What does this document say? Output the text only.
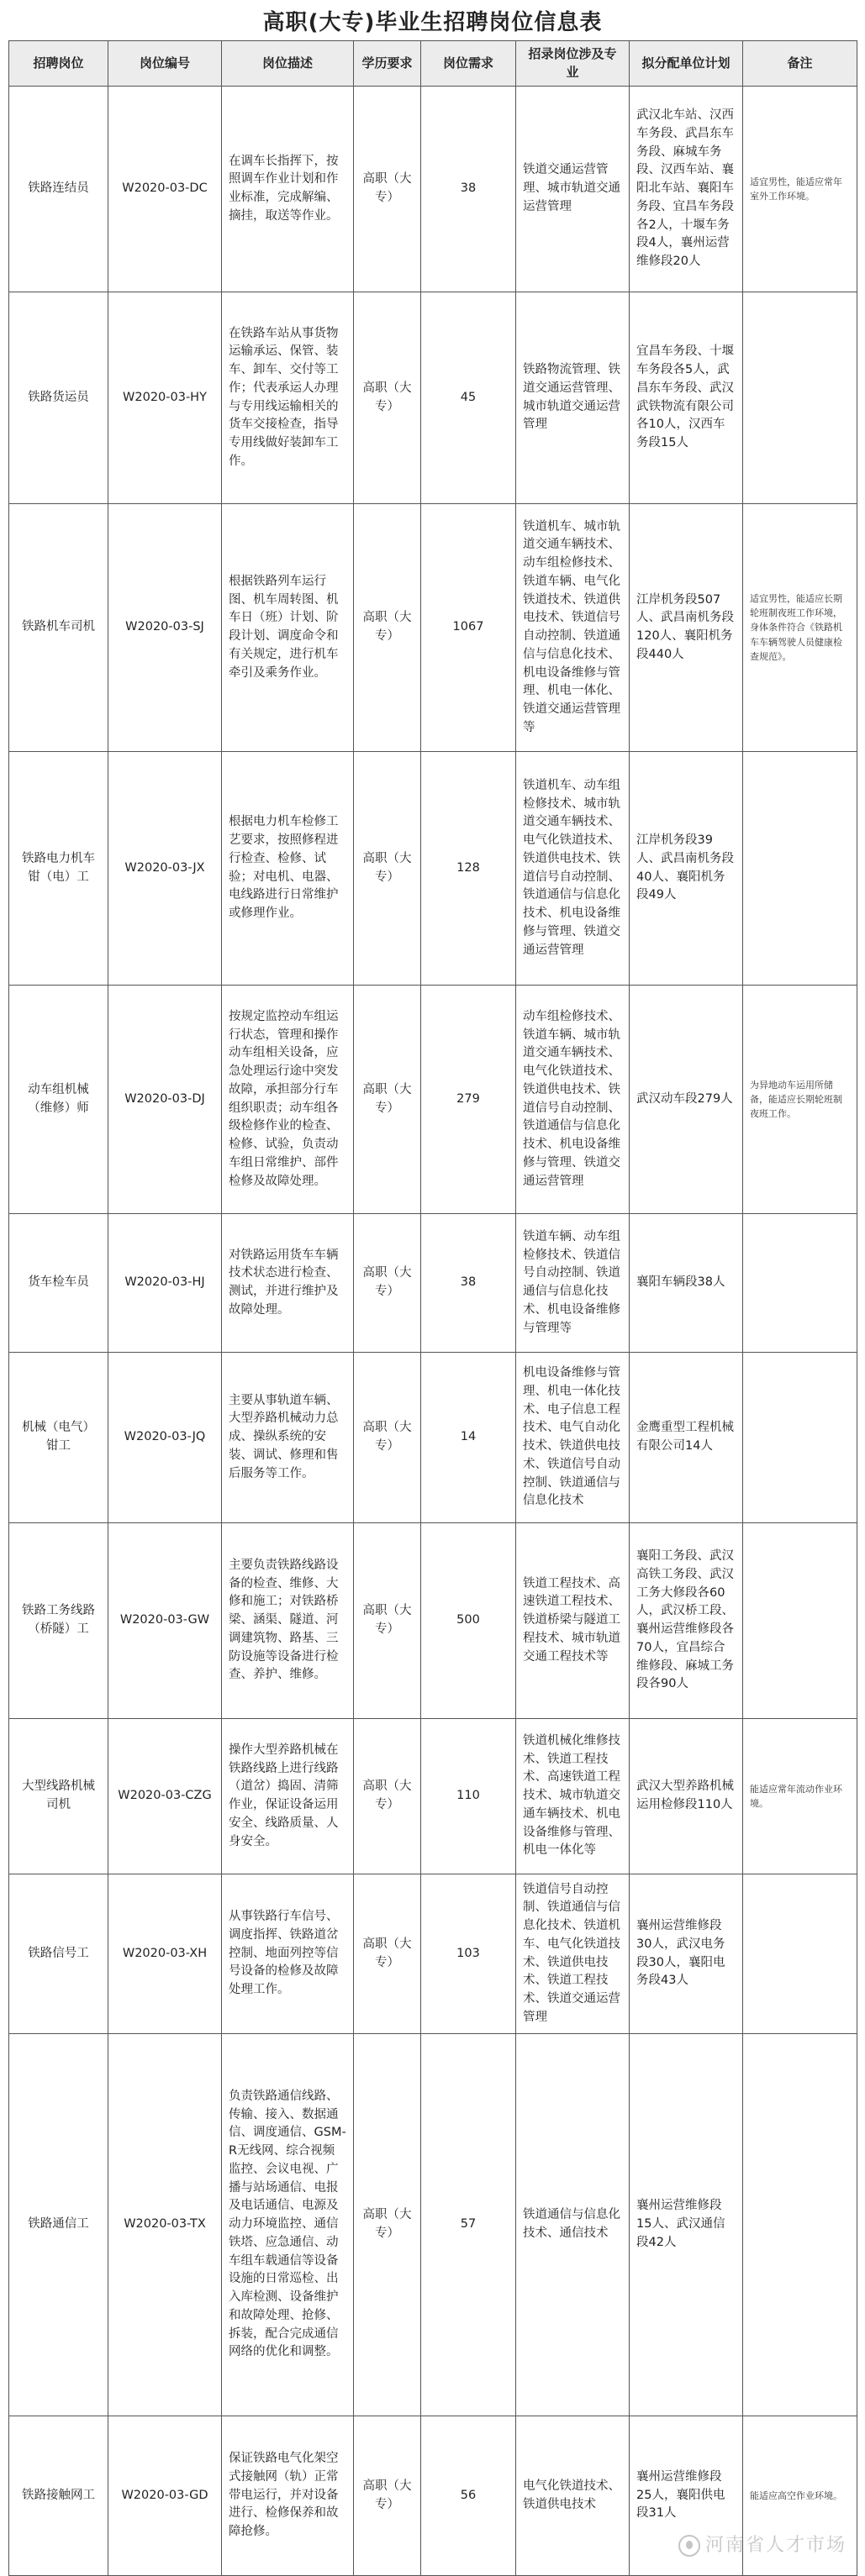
高职(大专)毕业生招聘岗位信息表
招聘岗位	岗位编号	岗位描述	学历要求	岗位需求	招录岗位涉及专业	拟分配单位计划	备注
铁路连结员	W2020-03-DC	在调车长指挥下，按照调车作业计划和作业标准，完成解编、摘挂，取送等作业。	高职（大专）	38	铁道交通运营管理、城市轨道交通运营管理	武汉北车站、汉西车务段、武昌东车务段、麻城车务段、汉西车站、襄阳北车站、襄阳车务段、宜昌车务段各2人，十堰车务段4人，襄州运营维修段20人	适宜男性，能适应常年室外工作环境。
铁路货运员	W2020-03-HY	在铁路车站从事货物运输承运、保管、装车、卸车、交付等工作；代表承运人办理与专用线运输相关的货车交接检查，指导专用线做好装卸车工作。	高职（大专）	45	铁路物流管理、铁道交通运营管理、城市轨道交通运营管理	宜昌车务段、十堰车务段各5人，武昌东车务段、武汉武铁物流有限公司各10人，汉西车务段15人	
铁路机车司机	W2020-03-SJ	根据铁路列车运行图、机车周转图、机车日（班）计划、阶段计划、调度命令和有关规定，进行机车牵引及乘务作业。	高职（大专）	1067	铁道机车、城市轨道交通车辆技术、动车组检修技术、铁道车辆、电气化铁道技术、铁道供电技术、铁道信号自动控制、铁道通信与信息化技术、机电设备维修与管理、机电一体化、铁道交通运营管理等	江岸机务段507人、武昌南机务段120人、襄阳机务段440人	适宜男性，能适应长期轮班制夜班工作环境，身体条件符合《铁路机车车辆驾驶人员健康检查规范》。
铁路电力机车钳（电）工	W2020-03-JX	根据电力机车检修工艺要求，按照修程进行检查、检修、试验；对电机、电器、电线路进行日常维护或修理作业。	高职（大专）	128	铁道机车、动车组检修技术、城市轨道交通车辆技术、电气化铁道技术、铁道供电技术、铁道信号自动控制、铁道通信与信息化技术、机电设备维修与管理、铁道交通运营管理	江岸机务段39人、武昌南机务段40人、襄阳机务段49人	
动车组机械（维修）师	W2020-03-DJ	按规定监控动车组运行状态，管理和操作动车组相关设备，应急处理运行途中突发故障，承担部分行车组织职责；动车组各级检修作业的检查、检修、试验，负责动车组日常维护、部件检修及故障处理。	高职（大专）	279	动车组检修技术、铁道车辆、城市轨道交通车辆技术、电气化铁道技术、铁道供电技术、铁道信号自动控制、铁道通信与信息化技术、机电设备维修与管理、铁道交通运营管理	武汉动车段279人	为异地动车运用所储备，能适应长期轮班制夜班工作。
货车检车员	W2020-03-HJ	对铁路运用货车车辆技术状态进行检查、测试，并进行维护及故障处理。	高职（大专）	38	铁道车辆、动车组检修技术、铁道信号自动控制、铁道通信与信息化技术、机电设备维修与管理等	襄阳车辆段38人	
机械（电气）钳工	W2020-03-JQ	主要从事轨道车辆、大型养路机械动力总成、操纵系统的安装、调试、修理和售后服务等工作。	高职（大专）	14	机电设备维修与管理、机电一体化技术、电子信息工程技术、电气自动化技术、铁道供电技术、铁道信号自动控制、铁道通信与信息化技术	金鹰重型工程机械有限公司14人	
铁路工务线路（桥隧）工	W2020-03-GW	主要负责铁路线路设备的检查、维修、大修和施工；对铁路桥梁、涵渠、隧道、河调建筑物、路基、三防设施等设备进行检查、养护、维修。	高职（大专）	500	铁道工程技术、高速铁道工程技术、铁道桥梁与隧道工程技术、城市轨道交通工程技术等	襄阳工务段、武汉高铁工务段、武汉工务大修段各60人，武汉桥工段、襄州运营维修段各70人，宜昌综合维修段、麻城工务段各90人	
大型线路机械司机	W2020-03-CZG	操作大型养路机械在铁路线路上进行线路（道岔）捣固、清筛作业，保证设备运用安全、线路质量、人身安全。	高职（大专）	110	铁道机械化维修技术、铁道工程技术、高速铁道工程技术、城市轨道交通车辆技术、机电设备维修与管理、机电一体化等	武汉大型养路机械运用检修段110人	能适应常年流动作业环境。
铁路信号工	W2020-03-XH	从事铁路行车信号、调度指挥、铁路道岔控制、地面列控等信号设备的检修及故障处理工作。	高职（大专）	103	铁道信号自动控制、铁道通信与信息化技术、铁道机车、电气化铁道技术、铁道供电技术、铁道工程技术、铁道交通运营管理	襄州运营维修段30人，武汉电务段30人，襄阳电务段43人	
铁路通信工	W2020-03-TX	负责铁路通信线路、传输、接入、数据通信、调度通信、GSM-R无线网、综合视频监控、会议电视、广播与站场通信、电报及电话通信、电源及动力环境监控、通信铁塔、应急通信、动车组车载通信等设备设施的日常巡检、出入库检测、设备维护和故障处理、抢修、拆装，配合完成通信网络的优化和调整。	高职（大专）	57	铁道通信与信息化技术、通信技术	襄州运营维修段15人、武汉通信段42人	
铁路接触网工	W2020-03-GD	保证铁路电气化架空式接触网（轨）正常带电运行，并对设备进行、检修保养和故障抢修。	高职（大专）	56	电气化铁道技术、铁道供电技术	襄州运营维修段25人，襄阳供电段31人	能适应高空作业环境。
河南省人才市场
